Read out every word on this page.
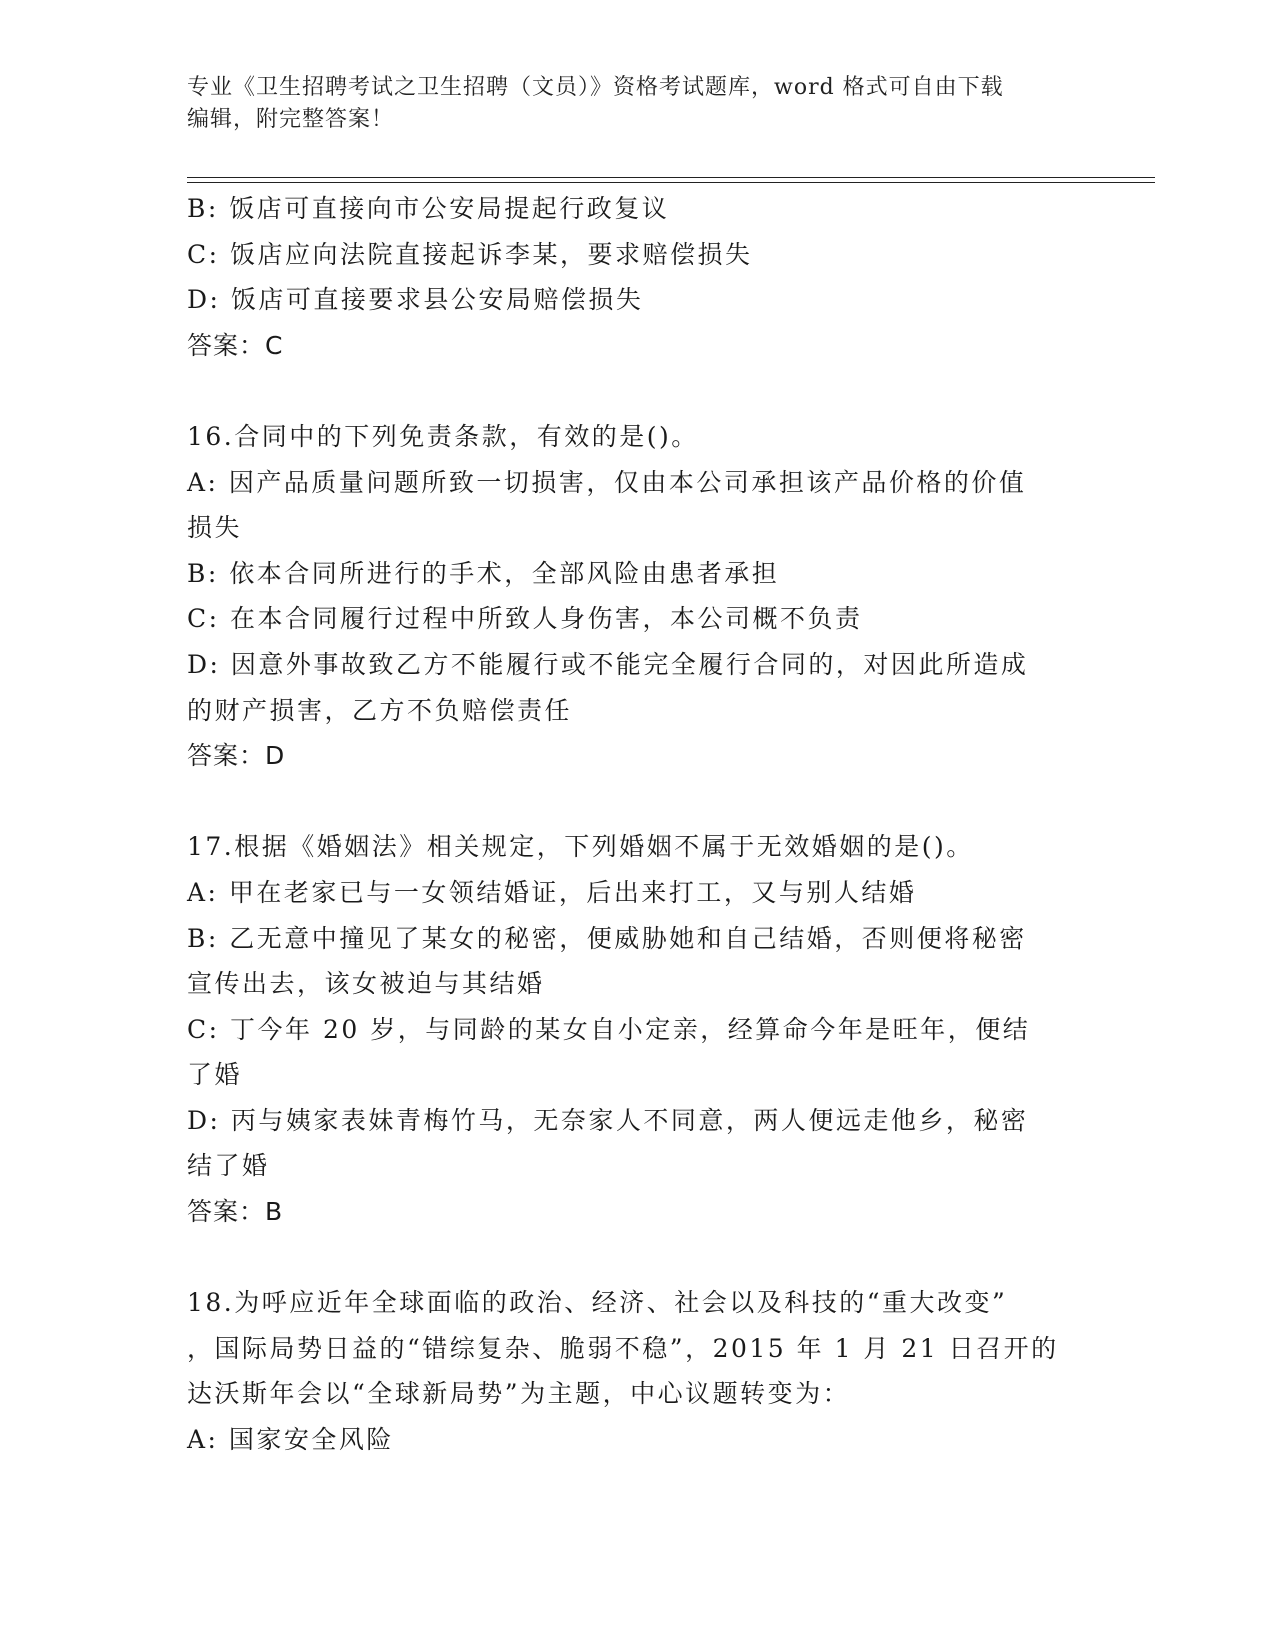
专业《卫生招聘考试之卫生招聘（文员）》资格考试题库，word 格式可自由下载
编辑，附完整答案！
B: 饭店可直接向市公安局提起行政复议
C: 饭店应向法院直接起诉李某，要求赔偿损失
D: 饭店可直接要求县公安局赔偿损失
答案：C
16.合同中的下列免责条款，有效的是()。
A: 因产品质量问题所致一切损害，仅由本公司承担该产品价格的价值
损失
B: 依本合同所进行的手术，全部风险由患者承担
C: 在本合同履行过程中所致人身伤害，本公司概不负责
D: 因意外事故致乙方不能履行或不能完全履行合同的，对因此所造成
的财产损害，乙方不负赔偿责任
答案：D
17.根据《婚姻法》相关规定，下列婚姻不属于无效婚姻的是()。
A: 甲在老家已与一女领结婚证，后出来打工，又与别人结婚
B: 乙无意中撞见了某女的秘密，便威胁她和自己结婚，否则便将秘密
宣传出去，该女被迫与其结婚
C: 丁今年 20 岁，与同龄的某女自小定亲，经算命今年是旺年，便结
了婚
D: 丙与姨家表妹青梅竹马，无奈家人不同意，两人便远走他乡，秘密
结了婚
答案：B
18.为呼应近年全球面临的政治、经济、社会以及科技的“重大改变”
，国际局势日益的“错综复杂、脆弱不稳”，2015 年 1 月 21 日召开的
达沃斯年会以“全球新局势”为主题，中心议题转变为：
A: 国家安全风险
